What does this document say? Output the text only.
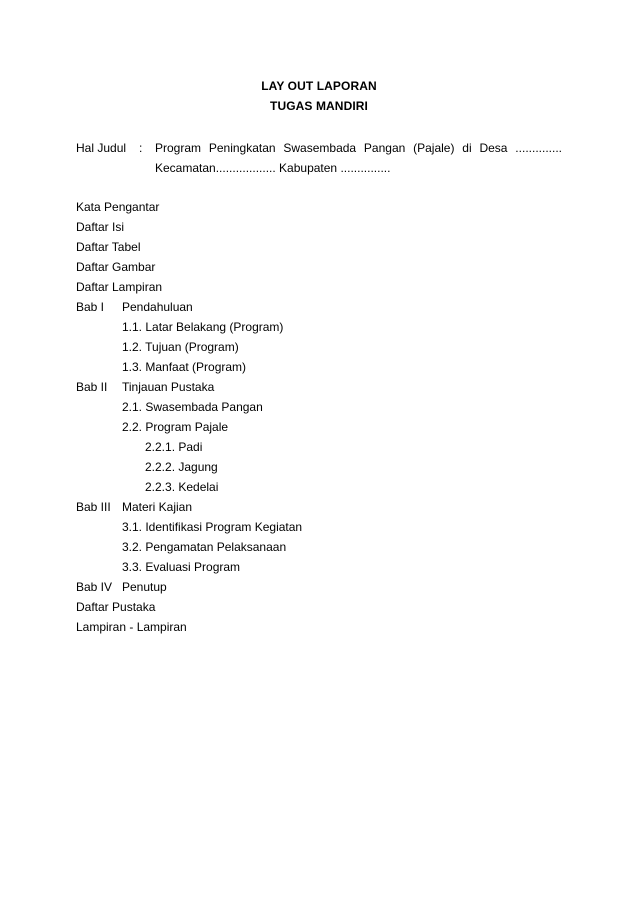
LAY OUT LAPORAN
TUGAS MANDIRI
Hal Judul : Program Peningkatan Swasembada Pangan (Pajale) di Desa ..............
Kecamatan.................. Kabupaten ...............
Kata Pengantar
Daftar Isi
Daftar Tabel
Daftar Gambar
Daftar Lampiran
Bab I Pendahuluan
1.1. Latar Belakang (Program)
1.2. Tujuan (Program)
1.3. Manfaat (Program)
Bab II Tinjauan Pustaka
2.1. Swasembada Pangan
2.2. Program Pajale
2.2.1. Padi
2.2.2. Jagung
2.2.3. Kedelai
Bab III Materi Kajian
3.1. Identifikasi Program Kegiatan
3.2. Pengamatan Pelaksanaan
3.3. Evaluasi Program
Bab IV Penutup
Daftar Pustaka
Lampiran - Lampiran
